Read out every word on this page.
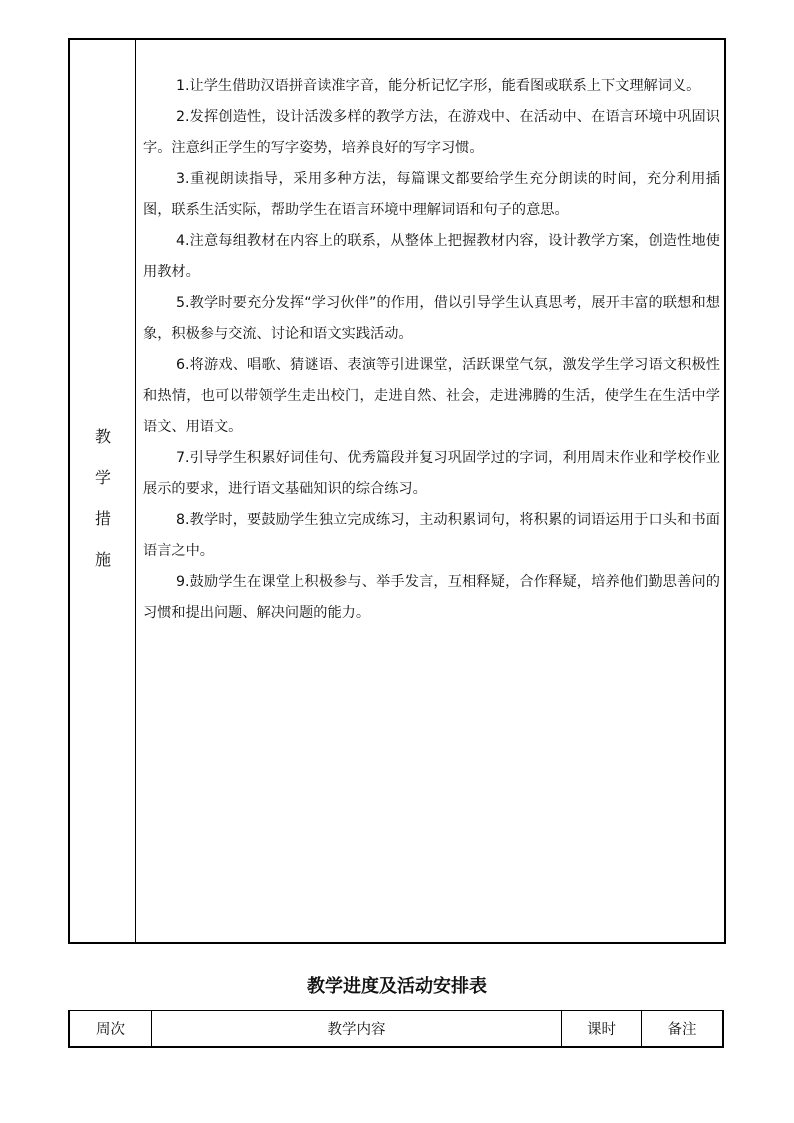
教
学
措
施

1.让学生借助汉语拼音读准字音，能分析记忆字形，能看图或联系上下文理解词义。

2.发挥创造性，设计活泼多样的教学方法，在游戏中、在活动中、在语言环境中巩固识字。注意纠正学生的写字姿势，培养良好的写字习惯。

3.重视朗读指导，采用多种方法，每篇课文都要给学生充分朗读的时间，充分利用插图，联系生活实际，帮助学生在语言环境中理解词语和句子的意思。

4.注意每组教材在内容上的联系，从整体上把握教材内容，设计教学方案，创造性地使用教材。

5.教学时要充分发挥“学习伙伴”的作用，借以引导学生认真思考，展开丰富的联想和想象，积极参与交流、讨论和语文实践活动。

6.将游戏、唱歌、猜谜语、表演等引进课堂，活跃课堂气氛，激发学生学习语文积极性和热情，也可以带领学生走出校门，走进自然、社会，走进沸腾的生活，使学生在生活中学语文、用语文。

7.引导学生积累好词佳句、优秀篇段并复习巩固学过的字词，利用周末作业和学校作业展示的要求，进行语文基础知识的综合练习。

8.教学时，要鼓励学生独立完成练习，主动积累词句，将积累的词语运用于口头和书面语言之中。

9.鼓励学生在课堂上积极参与、举手发言，互相释疑，合作释疑，培养他们勤思善问的习惯和提出问题、解决问题的能力。

教学进度及活动安排表
周次	教学内容	课时	备注
